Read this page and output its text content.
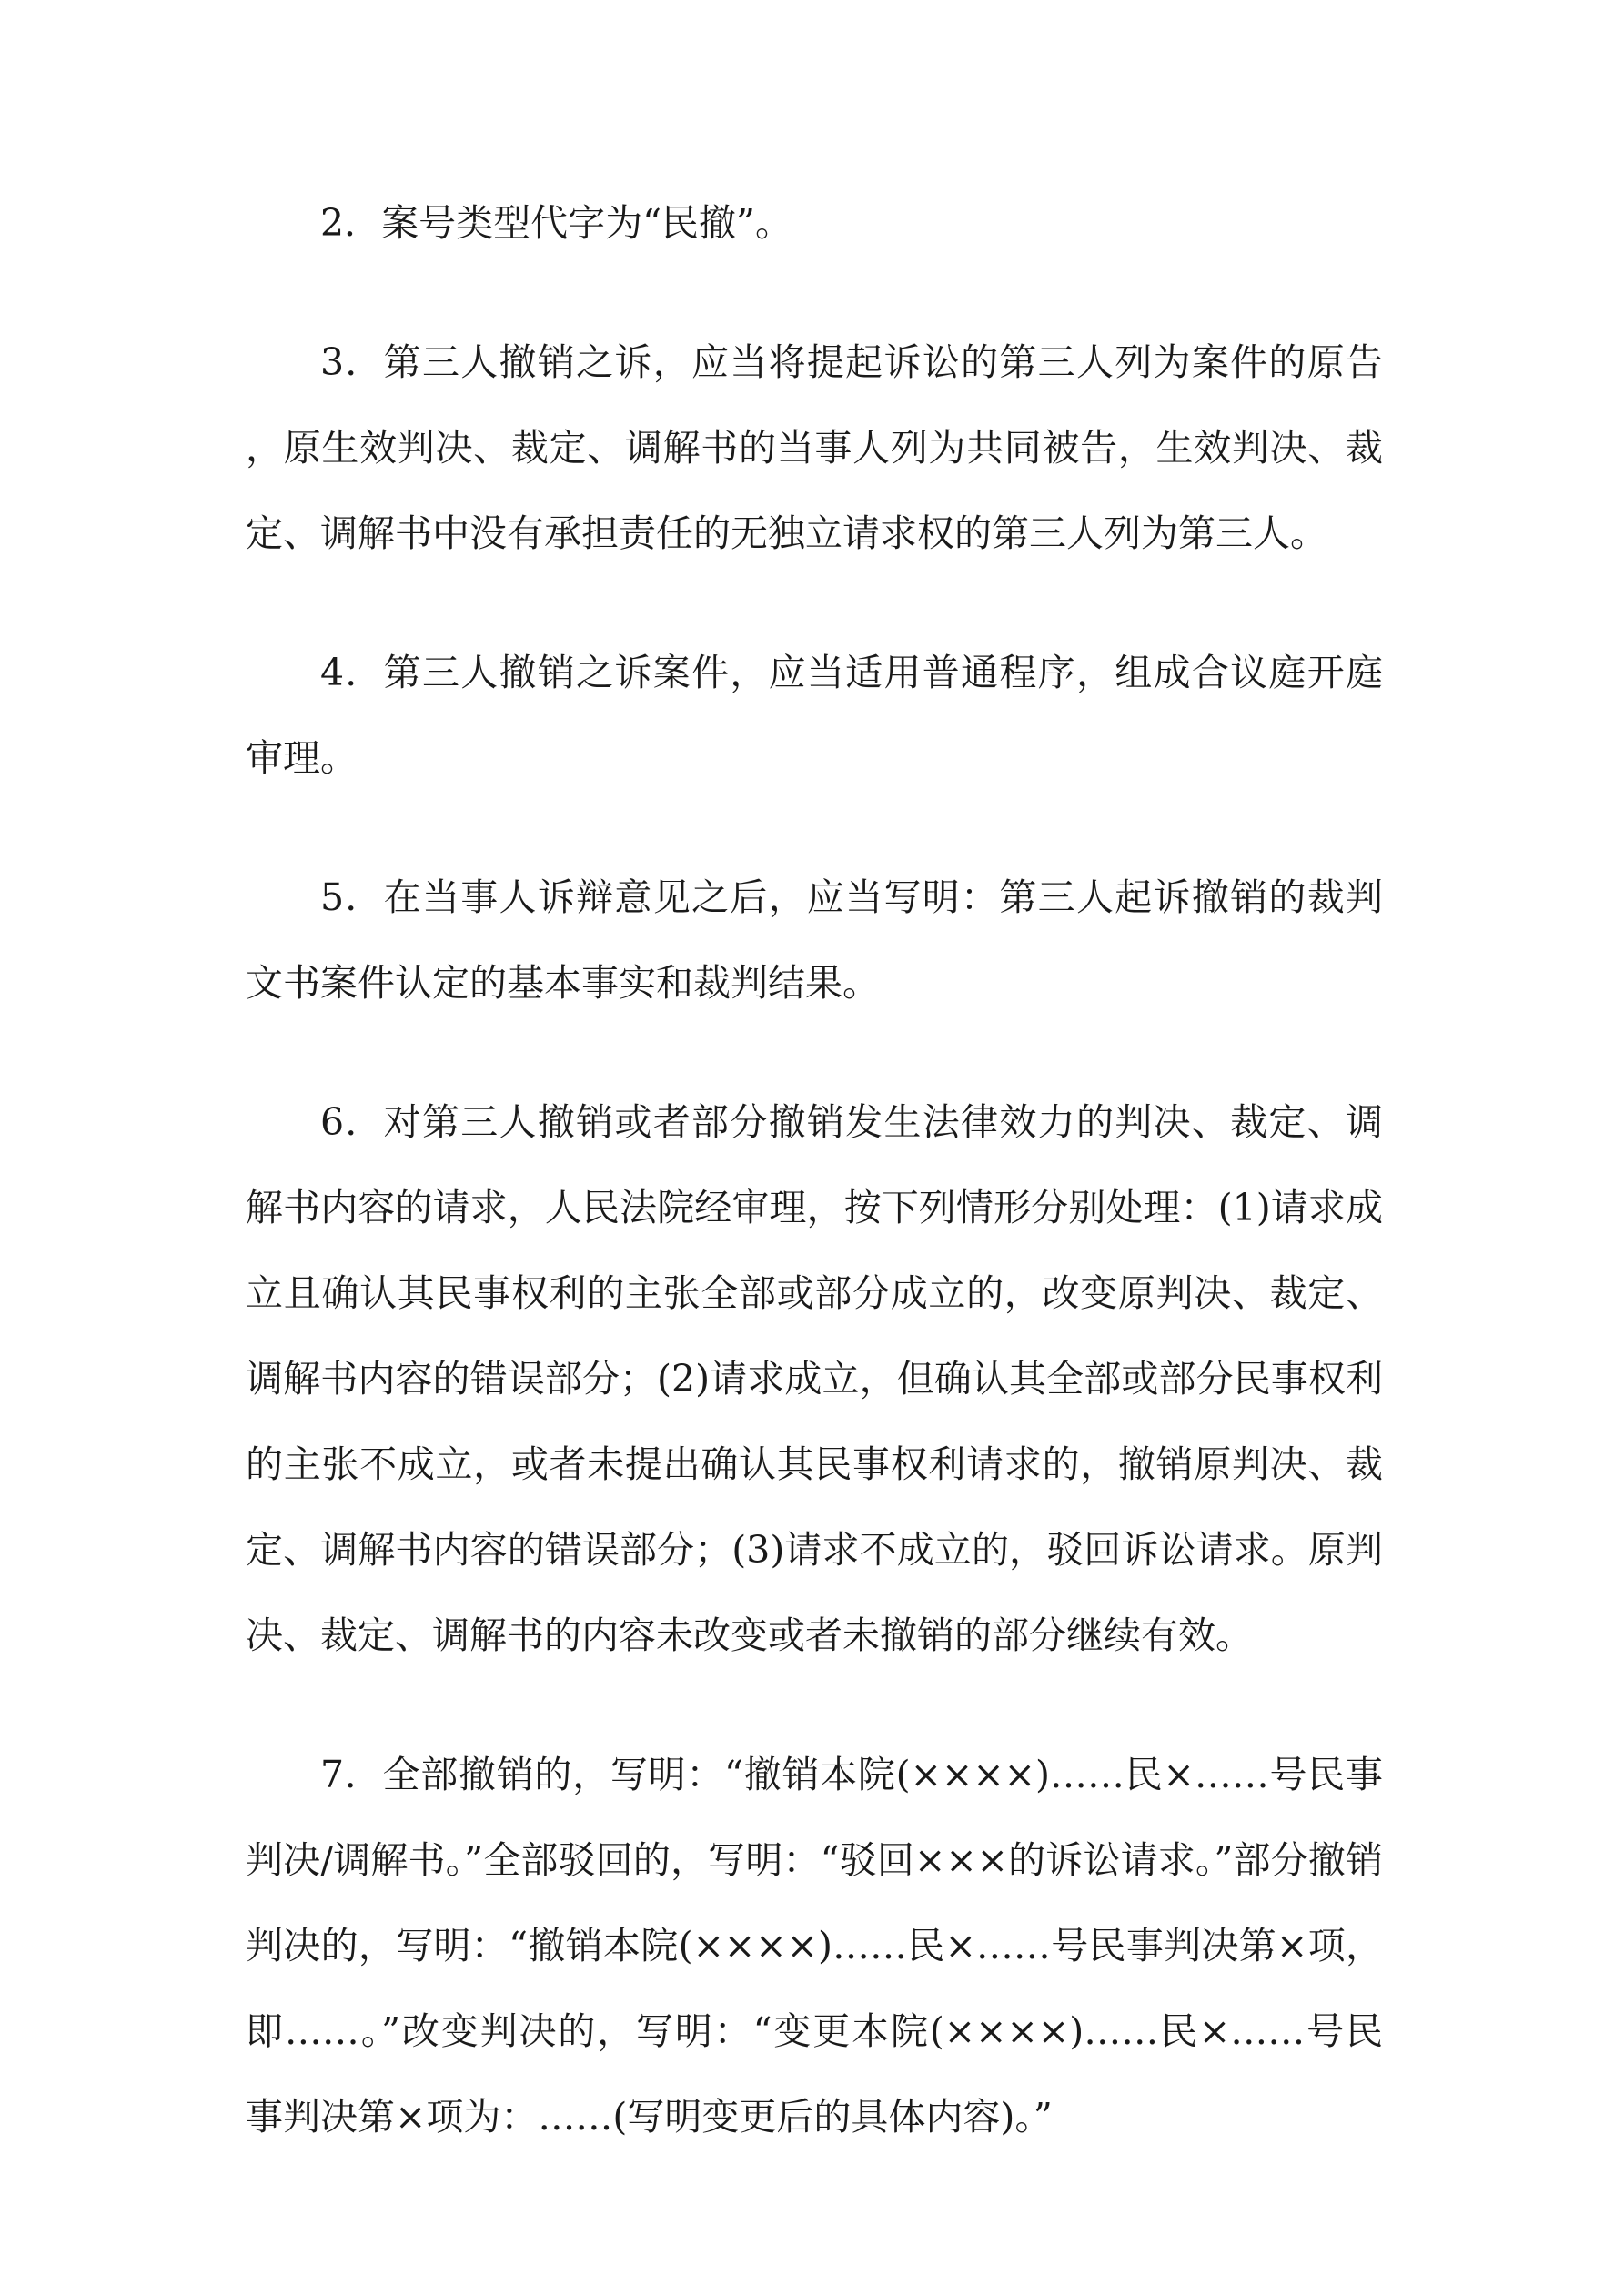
2．案号类型代字为“民撤”。

3．第三人撤销之诉，应当将提起诉讼的第三人列为案件的原告，原生效判决、裁定、调解书的当事人列为共同被告，生效判决、裁定、调解书中没有承担责任的无独立请求权的第三人列为第三人。

4．第三人撤销之诉案件，应当适用普通程序，组成合议庭开庭审理。

5．在当事人诉辩意见之后，应当写明：第三人起诉撤销的裁判文书案件认定的基本事实和裁判结果。

6．对第三人撤销或者部分撤销发生法律效力的判决、裁定、调解书内容的请求，人民法院经审理，按下列情形分别处理：(1)请求成立且确认其民事权利的主张全部或部分成立的，改变原判决、裁定、调解书内容的错误部分；(2)请求成立，但确认其全部或部分民事权利的主张不成立，或者未提出确认其民事权利请求的，撤销原判决、裁定、调解书内容的错误部分；(3)请求不成立的，驳回诉讼请求。原判决、裁定、调解书的内容未改变或者未撤销的部分继续有效。

7．全部撤销的，写明：“撤销本院(××××)……民×……号民事判决/调解书。”全部驳回的，写明：“驳回×××的诉讼请求。”部分撤销判决的，写明：“撤销本院(××××)……民×……号民事判决第×项，即……。”改变判决的，写明：“变更本院(××××)……民×……号民事判决第×项为：……(写明变更后的具体内容)。”
